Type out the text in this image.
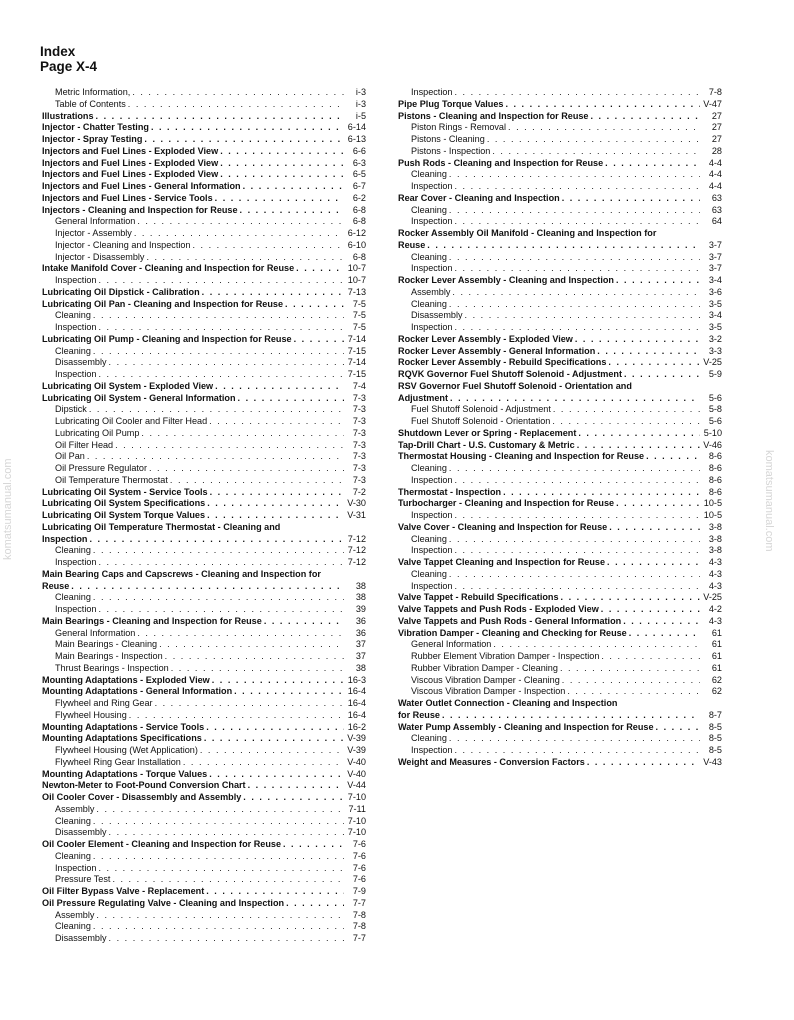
Index
Page X-4
Metric Information, . . .	i-3
Table of Contents . . .	i-3
Illustrations . . .	i-5
Injector - Chatter Testing . . .	6-14
Injector - Spray Testing . . .	6-13
Injectors and Fuel Lines - Exploded View . . .	6-6
Injectors and Fuel Lines - Exploded View . . .	6-3
Injectors and Fuel Lines - Exploded View . . .	6-5
Injectors and Fuel Lines - General Information . . .	6-7
Injectors and Fuel Lines - Service Tools . . .	6-2
Injectors - Cleaning and Inspection for Reuse . . .	6-8
General Information . . .	6-8
Injector - Assembly . . .	6-12
Injector - Cleaning and Inspection . . .	6-10
Injector - Disassembly . . .	6-8
Intake Manifold Cover - Cleaning and Inspection for Reuse . . .	10-7
Inspection . . .	10-7
Lubricating Oil Dipstick - Calibration . . .	7-13
Lubricating Oil Pan - Cleaning and Inspection for Reuse . . .	7-5
Cleaning . . .	7-5
Inspection . . .	7-5
Lubricating Oil Pump - Cleaning and Inspection for Reuse . . .	7-14
Cleaning . . .	7-15
Disassembly . . .	7-14
Inspection . . .	7-15
Lubricating Oil System - Exploded View . . .	7-4
Lubricating Oil System - General Information . . .	7-3
Dipstick . . .	7-3
Lubricating Oil Cooler and Filter Head . . .	7-3
Lubricating Oil Pump . . .	7-3
Oil Filter Head . . .	7-3
Oil Pan . . .	7-3
Oil Pressure Regulator . . .	7-3
Oil Temperature Thermostat . . .	7-3
Lubricating Oil System - Service Tools . . .	7-2
Lubricating Oil System Specifications . . .	V-30
Lubricating Oil System Torque Values . . .	V-31
Lubricating Oil Temperature Thermostat - Cleaning and
Inspection . . .	7-12
Cleaning . . .	7-12
Inspection . . .	7-12
Main Bearing Caps and Capscrews - Cleaning and Inspection for
Reuse . . .	38
Cleaning . . .	38
Inspection . . .	39
Main Bearings - Cleaning and Inspection for Reuse . . .	36
General Information . . .	36
Main Bearings - Cleaning . . .	37
Main Bearings - Inspection . . .	37
Thrust Bearings - Inspection . . .	38
Mounting Adaptations - Exploded View . . .	16-3
Mounting Adaptations - General Information . . .	16-4
Flywheel and Ring Gear . . .	16-4
Flywheel Housing . . .	16-4
Mounting Adaptations - Service Tools . . .	16-2
Mounting Adaptations Specifications . . .	V-39
Flywheel Housing (Wet Application) . . .	V-39
Flywheel Ring Gear Installation . . .	V-40
Mounting Adaptations - Torque Values . . .	V-40
Newton-Meter to Foot-Pound Conversion Chart . . .	V-44
Oil Cooler Cover - Disassembly and Assembly . . .	7-10
Assembly . . .	7-11
Cleaning . . .	7-10
Disassembly . . .	7-10
Oil Cooler Element - Cleaning and Inspection for Reuse . . .	7-6
Cleaning . . .	7-6
Inspection . . .	7-6
Pressure Test . . .	7-6
Oil Filter Bypass Valve - Replacement . . .	7-9
Oil Pressure Regulating Valve - Cleaning and Inspection . . .	7-7
Assembly . . .	7-8
Cleaning . . .	7-8
Disassembly . . .	7-7
Inspection . . .	7-8
Pipe Plug Torque Values . . .	V-47
Pistons - Cleaning and Inspection for Reuse . . .	27
Piston Rings - Removal . . .	27
Pistons - Cleaning . . .	27
Pistons - Inspection . . .	28
Push Rods - Cleaning and Inspection for Reuse . . .	4-4
Cleaning . . .	4-4
Inspection . . .	4-4
Rear Cover - Cleaning and Inspection . . .	63
Cleaning . . .	63
Inspection . . .	64
Rocker Assembly Oil Manifold - Cleaning and Inspection for
Reuse . . .	3-7
Cleaning . . .	3-7
Inspection . . .	3-7
Rocker Lever Assembly - Cleaning and Inspection . . .	3-4
Assembly . . .	3-6
Cleaning . . .	3-5
Disassembly . . .	3-4
Inspection . . .	3-5
Rocker Lever Assembly - Exploded View . . .	3-2
Rocker Lever Assembly - General Information . . .	3-3
Rocker Lever Assembly - Rebuild Specifications . . .	V-25
RQVK Governor Fuel Shutoff Solenoid - Adjustment . . .	5-9
RSV Governor Fuel Shutoff Solenoid - Orientation and
Adjustment . . .	5-6
Fuel Shutoff Solenoid - Adjustment . . .	5-8
Fuel Shutoff Solenoid - Orientation . . .	5-6
Shutdown Lever or Spring - Replacement . . .	5-10
Tap-Drill Chart - U.S. Customary & Metric . . .	V-46
Thermostat Housing - Cleaning and Inspection for Reuse . . .	8-6
Cleaning . . .	8-6
Inspection . . .	8-6
Thermostat - Inspection . . .	8-6
Turbocharger - Cleaning and Inspection for Reuse . . .	10-5
Inspection . . .	10-5
Valve Cover - Cleaning and Inspection for Reuse . . .	3-8
Cleaning . . .	3-8
Inspection . . .	3-8
Valve Tappet Cleaning and Inspection for Reuse . . .	4-3
Cleaning . . .	4-3
Inspection . . .	4-3
Valve Tappet - Rebuild Specifications . . .	V-25
Valve Tappets and Push Rods - Exploded View . . .	4-2
Valve Tappets and Push Rods - General Information . . .	4-3
Vibration Damper - Cleaning and Checking for Reuse . . .	61
General Information . . .	61
Rubber Element Vibration Damper - Inspection . . .	61
Rubber Vibration Damper - Cleaning . . .	61
Viscous Vibration Damper - Cleaning . . .	62
Viscous Vibration Damper - Inspection . . .	62
Water Outlet Connection - Cleaning and Inspection
for Reuse . . .	8-7
Water Pump Assembly - Cleaning and Inspection for Reuse . . .	8-5
Cleaning . . .	8-5
Inspection . . .	8-5
Weight and Measures - Conversion Factors . . .	V-43
komatsumanual.com	komatsumanual.com
